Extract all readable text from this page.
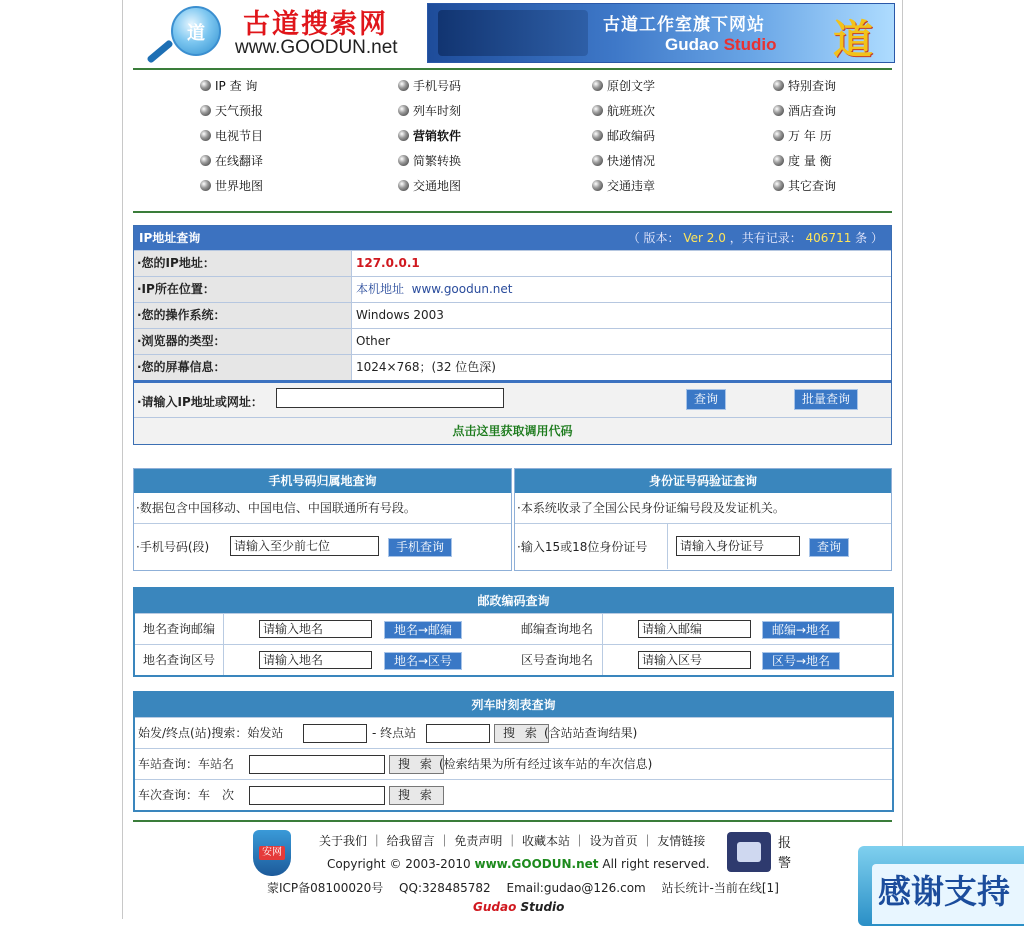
道	古道搜索网
www.GOODUN.net
古道工作室旗下网站
Gudao Studio 道
IP 查 询	手机号码	原创文学	特别查询
天气预报	列车时刻	航班班次	酒店查询
电视节目	营销软件	邮政编码	万 年 历
在线翻译	简繁转换	快递情况	度 量 衡
世界地图	交通地图	交通违章	其它查询
IP地址查询	（ 版本： Ver 2.0 ，共有记录： 406711 条 ）
·您的IP地址：	127.0.0.1
·IP所在位置：	本机地址 www.goodun.net
·您的操作系统：	Windows 2003
·浏览器的类型：	Other
·您的屏幕信息：	1024×768；(32 位色深)
·请输入IP地址或网址：	查询	批量查询
点击这里获取调用代码
手机号码归属地查询
·数据包含中国移动、中国电信、中国联通所有号段。
·手机号码(段)	请输入至少前七位	手机查询
身份证号码验证查询
·本系统收录了全国公民身份证编号段及发证机关。
·输入15或18位身份证号	请输入身份证号	查询
邮政编码查询
地名查询邮编	请输入地名	地名→邮编	邮编查询地名	请输入邮编	邮编→地名
地名查询区号	请输入地名	地名→区号	区号查询地名	请输入区号	区号→地名
列车时刻表查询
始发/终点(站)搜索：始发站	- 终点站	搜 索 (含站站查询结果)
车站查询：车站名	搜 索 (检索结果为所有经过该车站的车次信息)
车次查询：车　次	搜 索
安网
关于我们 ｜ 给我留言 ｜ 免责声明 ｜ 收藏本站 ｜ 设为首页 ｜ 友情链接
Copyright © 2003-2010 www.GOODUN.net All right reserved.
蒙ICP备08100020号　 QQ:328485782　 Email:gudao@126.com　 站长统计-当前在线[1]
Gudao Studio
报警
感谢支持
